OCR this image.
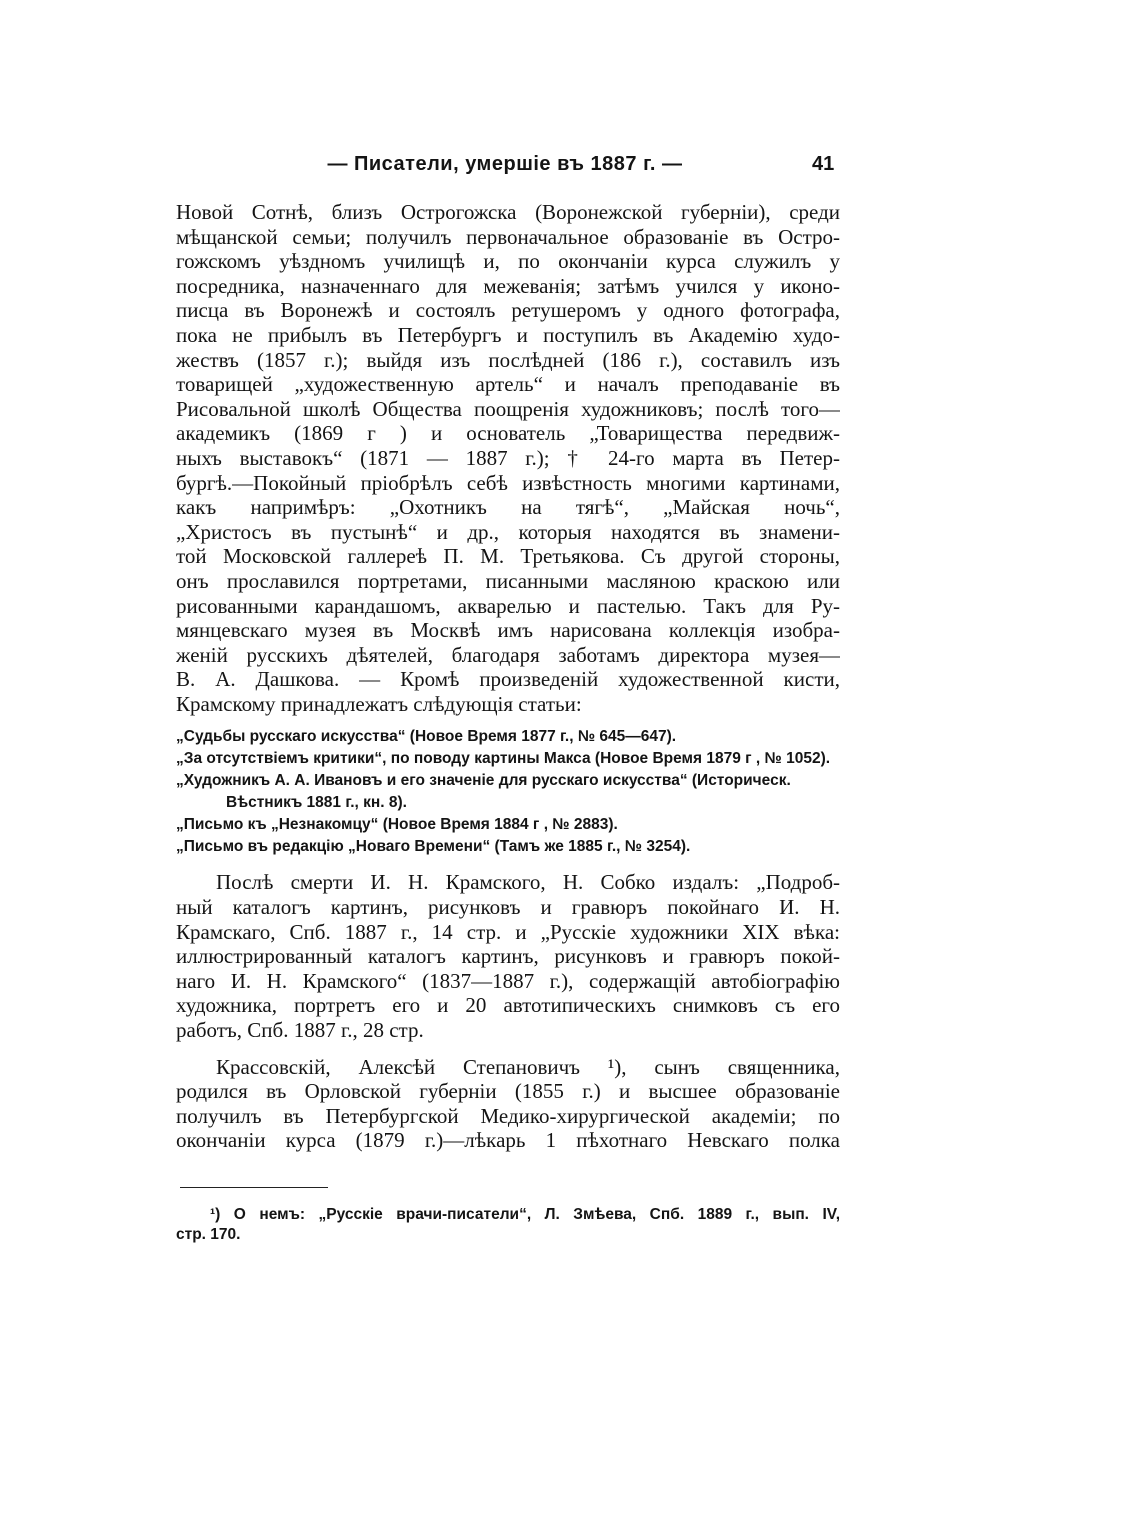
— Писатели, умершіе въ 1887 г. —	41
Новой Сотнѣ, близъ Острогожска (Воронежской губерніи), среди
мѣщанской семьи; получилъ первоначальное образованіе въ Остро-
гожскомъ уѣздномъ училищѣ и, по окончаніи курса служилъ у
посредника, назначеннаго для межеванія; затѣмъ учился у иконо-
писца въ Воронежѣ и состоялъ ретушеромъ у одного фотографа,
пока не прибылъ въ Петербургъ и поступилъ въ Академію худо-
жествъ (1857 г.); выйдя изъ послѣдней (186 г.), составилъ изъ
товарищей „художественную артель“ и началъ преподаваніе въ
Рисовальной школѣ Общества поощренія художниковъ; послѣ того—
академикъ (1869 г ) и основатель „Товарищества передвиж-
ныхъ выставокъ“ (1871 — 1887 г.); † 24-го марта въ Петер-
бургѣ.—Покойный пріобрѣлъ себѣ извѣстность многими картинами,
какъ напримѣръ: „Охотникъ на тягѣ“, „Майская ночь“,
„Христосъ въ пустынѣ“ и др., которыя находятся въ знамени-
той Московской галлереѣ П. М. Третьякова. Съ другой стороны,
онъ прославился портретами, писанными масляною краскою или
рисованными карандашомъ, акварелью и пастелью. Такъ для Ру-
мянцевскаго музея въ Москвѣ имъ нарисована коллекція изобра-
женій русскихъ дѣятелей, благодаря заботамъ директора музея—
В. А. Дашкова. — Кромѣ произведеній художественной кисти,
Крамскому принадлежатъ слѣдующія статьи:
„Судьбы русскаго искусства“ (Новое Время 1877 г., № 645—647).
„За отсутствіемъ критики“, по поводу картины Макса (Новое Время 1879 г , № 1052).
„Художникъ А. А. Ивановъ и его значеніе для русскаго искусства“ (Историческ.
Вѣстникъ 1881 г., кн. 8).
„Письмо къ „Незнакомцу“ (Новое Время 1884 г , № 2883).
„Письмо въ редакцію „Новаго Времени“ (Тамъ же 1885 г., № 3254).
Послѣ смерти И. Н. Крамского, Н. Собко издалъ: „Подроб-
ный каталогъ картинъ, рисунковъ и гравюръ покойнаго И. Н.
Крамскаго, Спб. 1887 г., 14 стр. и „Русскіе художники XIX вѣка:
иллюстрированный каталогъ картинъ, рисунковъ и гравюръ покой-
наго И. Н. Крамского“ (1837—1887 г.), содержащій автобіографію
художника, портретъ его и 20 автотипическихъ снимковъ съ его
работъ, Спб. 1887 г., 28 стр.
Крассовскій, Алексѣй Степановичъ ¹), сынъ священника,
родился въ Орловской губерніи (1855 г.) и высшее образованіе
получилъ въ Петербургской Медико-хирургической академіи; по
окончаніи курса (1879 г.)—лѣкарь 1 пѣхотнаго Невскаго полка
¹) О немъ: „Русскіе врачи-писатели“, Л. Змѣева, Спб. 1889 г., вып. IV,
стр. 170.
